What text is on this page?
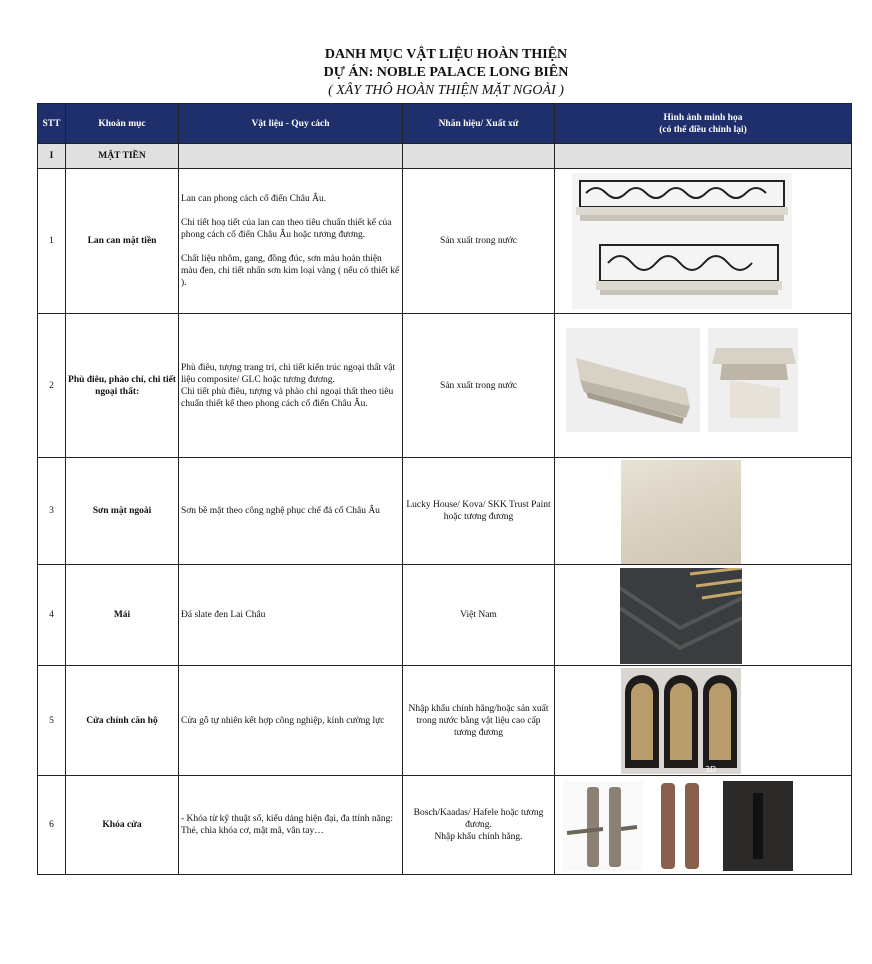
DANH MỤC VẬT LIỆU HOÀN THIỆN
DỰ ÁN: NOBLE PALACE LONG BIÊN
( XÂY THÔ HOÀN THIỆN MẶT NGOÀI )
STT	Khoản mục	Vật liệu - Quy cách	Nhãn hiệu/ Xuất xứ	Hình ảnh minh họa
(có thể điều chỉnh lại)
I	MẶT TIỀN			
1	Lan can mặt tiền	Lan can phong cách cổ điển Châu Âu.

Chi tiết hoạ tiết của lan can theo tiêu chuẩn thiết kế của phong cách cổ điển Châu Âu hoặc tương đương.

Chất liệu nhôm, gang, đồng đúc, sơn màu hoàn thiện màu đen, chi tiết nhấn sơn kim loại vàng ( nếu có thiết kế ).	Sản xuất trong nước	

2	Phù điêu, phào chỉ, chi tiết ngoại thất:	Phù điêu, tượng trang trí, chi tiết kiến trúc ngoại thất vật liệu composite/ GLC hoặc tương đương.
Chi tiết phù điêu, tượng và phào chỉ ngoại thất theo tiêu chuẩn thiết kế theo phong cách cổ điển Châu Âu.	Sản xuất trong nước	

3	Sơn mặt ngoài	Sơn bề mặt theo công nghệ phục chế đá cổ Châu Âu	Lucky House/ Kova/ SKK Trust Paint hoặc tương đương	

4	Mái	Đá slate đen Lai Châu	Việt Nam	

5	Cửa chính căn hộ	Cửa gỗ tự nhiên kết hợp công nghiệp, kính cường lực	Nhập khẩu chính hãng/hoặc sản xuất trong nước bằng vật liệu cao cấp tương đương	3D

6	Khóa cửa	- Khóa từ kỹ thuật số, kiểu dáng hiện đại, đa ttính năng: Thẻ, chìa khóa cơ, mật mã, vân tay…	Bosch/Kaadas/ Hafele hoặc tương đương.
Nhập khẩu chính hãng.
